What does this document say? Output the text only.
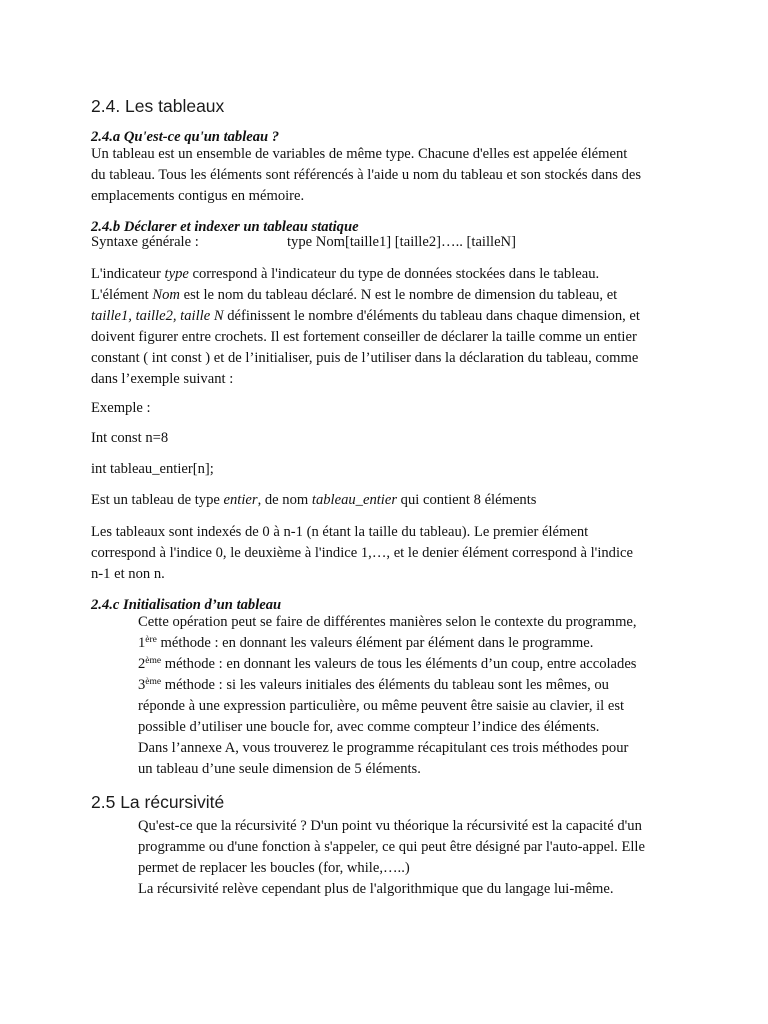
2.4. Les tableaux
2.4.a Qu'est-ce qu'un tableau ?
Un tableau est un ensemble de variables de même type. Chacune d'elles est appelée élément
du tableau. Tous les éléments sont référencés à l'aide u nom du tableau et son stockés dans des
emplacements contigus en mémoire.
2.4.b Déclarer et indexer un tableau statique
Syntaxe générale :	type Nom[taille1] [taille2]….. [tailleN]
L'indicateur type correspond à l'indicateur du type de données stockées dans le tableau.
L'élément Nom est le nom du tableau déclaré. N est le nombre de dimension du tableau, et
taille1, taille2, taille N définissent le nombre d'éléments du tableau dans chaque dimension, et
doivent figurer entre crochets. Il est fortement conseiller de déclarer la taille comme un entier
constant ( int const ) et de l’initialiser, puis de l’utiliser dans la déclaration du tableau, comme
dans l’exemple suivant :
Exemple :
Int const n=8
int tableau_entier[n];
Est un tableau de type entier, de nom tableau_entier qui contient 8 éléments
Les tableaux sont indexés de 0 à n-1 (n étant la taille du tableau). Le premier élément
correspond à l'indice 0, le deuxième à l'indice 1,…, et le denier élément correspond à l'indice
n-1 et non n.
2.4.c Initialisation d’un tableau
Cette opération peut se faire de différentes manières selon le contexte du programme,
1ère méthode : en donnant les valeurs élément par élément dans le programme.
2ème méthode : en donnant les valeurs de tous les éléments d’un coup, entre accolades
3ème méthode : si les valeurs initiales des éléments du tableau sont les mêmes, ou
réponde à une expression particulière, ou même peuvent être saisie au clavier, il est
possible d’utiliser une boucle for, avec comme compteur l’indice des éléments.
Dans l’annexe A, vous trouverez le programme récapitulant ces trois méthodes pour
un tableau d’une seule dimension de 5 éléments.
2.5 La récursivité
Qu'est-ce que la récursivité ? D'un point vu théorique la récursivité est la capacité d'un
programme ou d'une fonction à s'appeler, ce qui peut être désigné par l'auto-appel. Elle
permet de replacer les boucles (for, while,…..)
La récursivité relève cependant plus de l'algorithmique que du langage lui-même.
